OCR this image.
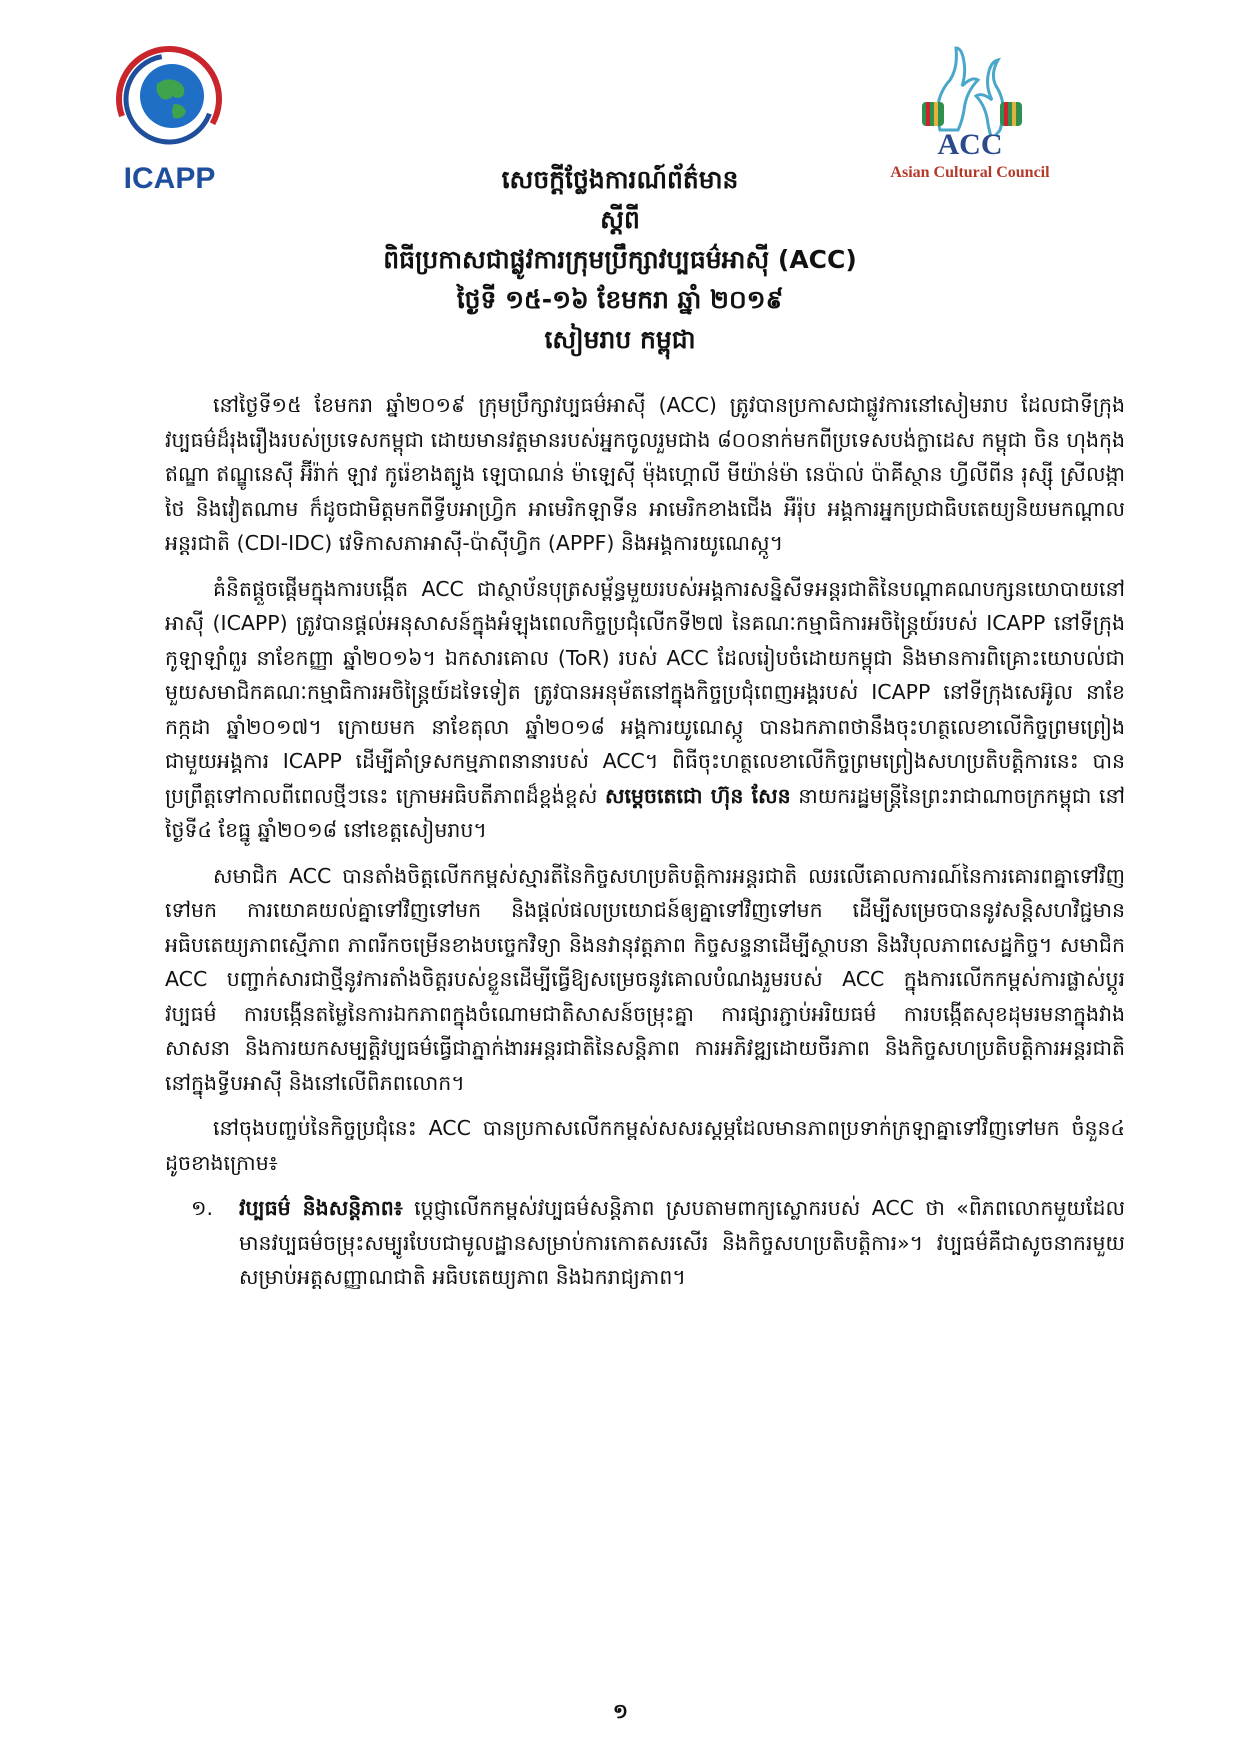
ICAPP
ACC
Asian Cultural Council
សេចក្តីថ្លែងការណ៍ព័ត៌មាន
ស្តីពី
ពិធីប្រកាសជាផ្លូវការក្រុមប្រឹក្សាវប្បធម៌អាស៊ី (ACC)
ថ្ងៃទី ១៥-១៦ ខែមករា ឆ្នាំ ២០១៩
សៀមរាប កម្ពុជា

នៅថ្ងៃទី១៥ ខែមករា ឆ្នាំ២០១៩ ក្រុមប្រឹក្សាវប្បធម៌អាស៊ី (ACC) ត្រូវបានប្រកាសជាផ្លូវការនៅសៀមរាប ដែលជាទីក្រុងវប្បធម៌ដ៏រុងរឿងរបស់ប្រទេសកម្ពុជា ដោយមានវត្តមានរបស់អ្នកចូលរួមជាង ៨០០នាក់មកពីប្រទេសបង់ក្លាដេស កម្ពុជា ចិន ហុងកុង ឥណ្ឌា ឥណ្ឌូនេស៊ី អ៊ីរ៉ាក់ ឡាវ កូរ៉េខាងត្បូង ឡេបាណន់ ម៉ាឡេស៊ី ម៉ុងហ្គោលី មីយ៉ាន់ម៉ា នេប៉ាល់ ប៉ាគីស្ថាន ហ្វីលីពីន រុស្ស៊ី ស្រីលង្កា ថៃ និងវៀតណាម ក៏ដូចជាមិត្តមកពីទ្វីបអាហ្វ្រិក អាមេរិកឡាទីន អាមេរិកខាងជើង អឺរ៉ុប អង្គការអ្នកប្រជាធិបតេយ្យនិយមកណ្តាលអន្តរជាតិ (CDI-IDC) វេទិកាសភាអាស៊ី-ប៉ាស៊ីហ្វិក (APPF) និងអង្គការយូណេស្កូ។

គំនិតផ្តួចផ្តើមក្នុងការបង្កើត ACC ជាស្ថាប័នបុត្រសម្ព័ន្ធមួយរបស់អង្គការសន្និសីទអន្តរជាតិនៃបណ្តាគណបក្សនយោបាយនៅអាស៊ី (ICAPP) ត្រូវបានផ្តល់អនុសាសន៍ក្នុងអំឡុងពេលកិច្ចប្រជុំលើកទី២៧ នៃគណៈកម្មាធិការអចិន្ត្រៃយ៍របស់ ICAPP នៅទីក្រុងកូឡាឡាំពួរ នាខែកញ្ញា ឆ្នាំ២០១៦។ ឯកសារគោល (ToR) របស់ ACC ដែលរៀបចំដោយកម្ពុជា និងមានការពិគ្រោះយោបល់ជាមួយសមាជិកគណៈកម្មាធិការអចិន្ត្រៃយ៍ដទៃទៀត ត្រូវបានអនុម័តនៅក្នុងកិច្ចប្រជុំពេញអង្គរបស់ ICAPP នៅទីក្រុងសេអ៊ូល នាខែកក្កដា ឆ្នាំ២០១៧។ ក្រោយមក នាខែតុលា ឆ្នាំ២០១៨ អង្គការយូណេស្កូ បានឯកភាពថានឹងចុះហត្ថលេខាលើកិច្ចព្រមព្រៀង ជាមួយអង្គការ ICAPP ដើម្បីគាំទ្រសកម្មភាពនានារបស់ ACC។ ពិធីចុះហត្ថលេខាលើកិច្ចព្រមព្រៀងសហប្រតិបត្តិការនេះ បានប្រព្រឹត្តទៅកាលពីពេលថ្មីៗនេះ ក្រោមអធិបតីភាពដ៏ខ្ពង់ខ្ពស់ សម្តេចតេជោ ហ៊ុន សែន នាយករដ្ឋមន្ត្រីនៃព្រះរាជាណាចក្រកម្ពុជា នៅថ្ងៃទី៤ ខែធ្នូ ឆ្នាំ២០១៨ នៅខេត្តសៀមរាប។

សមាជិក ACC បានតាំងចិត្តលើកកម្ពស់ស្មារតីនៃកិច្ចសហប្រតិបត្តិការអន្តរជាតិ ឈរលើគោលការណ៍នៃការគោរពគ្នាទៅវិញទៅមក ការយោគយល់គ្នាទៅវិញទៅមក និងផ្តល់ផលប្រយោជន៍ឲ្យគ្នាទៅវិញទៅមក ដើម្បីសម្រេចបាននូវសន្តិសហវិជ្ជមាន អធិបតេយ្យភាពស្មើភាព ភាពរីកចម្រើនខាងបច្ចេកវិទ្យា និងនវានុវត្តភាព កិច្ចសន្ទនាដើម្បីស្ថាបនា និងវិបុលភាពសេដ្ឋកិច្ច។ សមាជិក ACC បញ្ជាក់សារជាថ្មីនូវការតាំងចិត្តរបស់ខ្លួនដើម្បីធ្វើឱ្យសម្រេចនូវគោលបំណងរួមរបស់ ACC ក្នុងការលើកកម្ពស់ការផ្លាស់ប្តូរវប្បធម៌ ការបង្កើនតម្លៃនៃការឯកភាពក្នុងចំណោមជាតិសាសន៍ចម្រុះគ្នា ការផ្សារភ្ជាប់អរិយធម៌ ការបង្កើតសុខដុមរមនាក្នុងវាងសាសនា និងការយកសម្បត្តិវប្បធម៌ធ្វើជាភ្នាក់ងារអន្តរជាតិនៃសន្តិភាព ការអភិវឌ្ឍដោយចីរភាព និងកិច្ចសហប្រតិបត្តិការអន្តរជាតិនៅក្នុងទ្វីបអាស៊ី និងនៅលើពិភពលោក។

នៅចុងបញ្ចប់នៃកិច្ចប្រជុំនេះ ACC បានប្រកាសលើកកម្ពស់សសរស្តម្ភដែលមានភាពប្រទាក់ក្រឡាគ្នាទៅវិញទៅមក ចំនួន៤ ដូចខាងក្រោម៖

១. វប្បធម៌ និងសន្តិភាព៖ ប្តេជ្ញាលើកកម្ពស់វប្បធម៌សន្តិភាព ស្របតាមពាក្យស្លោករបស់ ACC ថា «ពិភពលោកមួយដែលមានវប្បធម៌ចម្រុះសម្បូរបែបជាមូលដ្ឋានសម្រាប់ការកោតសរសើរ និងកិច្ចសហប្រតិបត្តិការ»។ វប្បធម៌គឺជាសូចនាករមួយសម្រាប់អត្តសញ្ញាណជាតិ អធិបតេយ្យភាព និងឯករាជ្យភាព។
១
